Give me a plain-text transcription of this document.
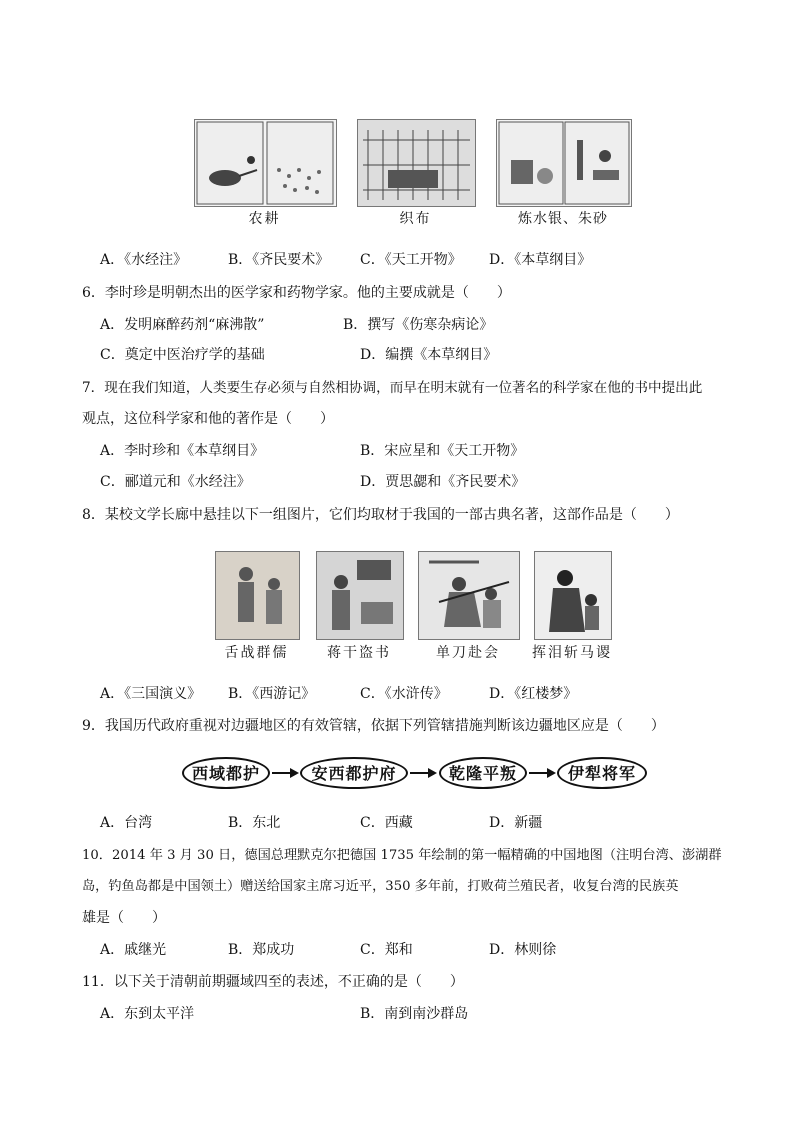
农耕	织布	炼水银、朱砂
A．《水经注》	B．《齐民要术》 C．《天工开物》 D．《本草纲目》
6．李时珍是明朝杰出的医学家和药物学家。他的主要成就是（　　）
A．发明麻醉药剂“麻沸散”	B．撰写《伤寒杂病论》
C．奠定中医治疗学的基础	D．编撰《本草纲目》
7．现在我们知道，人类要生存必须与自然相协调，而早在明末就有一位著名的科学家在他的书中提出此
观点，这位科学家和他的著作是（　　）
A．李时珍和《本草纲目》	B．宋应星和《天工开物》
C．郦道元和《水经注》	D．贾思勰和《齐民要术》
8．某校文学长廊中悬挂以下一组图片，它们均取材于我国的一部古典名著，这部作品是（　　）
舌战群儒	蒋干盗书	单刀赴会	挥泪斩马谡
A．《三国演义》 B．《西游记》	C．《水浒传》	D．《红楼梦》
9．我国历代政府重视对边疆地区的有效管辖，依据下列管辖措施判断该边疆地区应是（　　）
西域都护	安西都护府	乾隆平叛	伊犁将军
A．台湾	B．东北	C．西藏	D．新疆
10．2014 年 3 月 30 日，德国总理默克尔把德国 1735 年绘制的第一幅精确的中国地图（注明台湾、澎湖群
岛，钓鱼岛都是中国领土）赠送给国家主席习近平，350 多年前，打败荷兰殖民者，收复台湾的民族英
雄是（　　）
A．戚继光	B．郑成功	C．郑和	D．林则徐
11．以下关于清朝前期疆域四至的表述，不正确的是（　　）
A．东到太平洋	B．南到南沙群岛
